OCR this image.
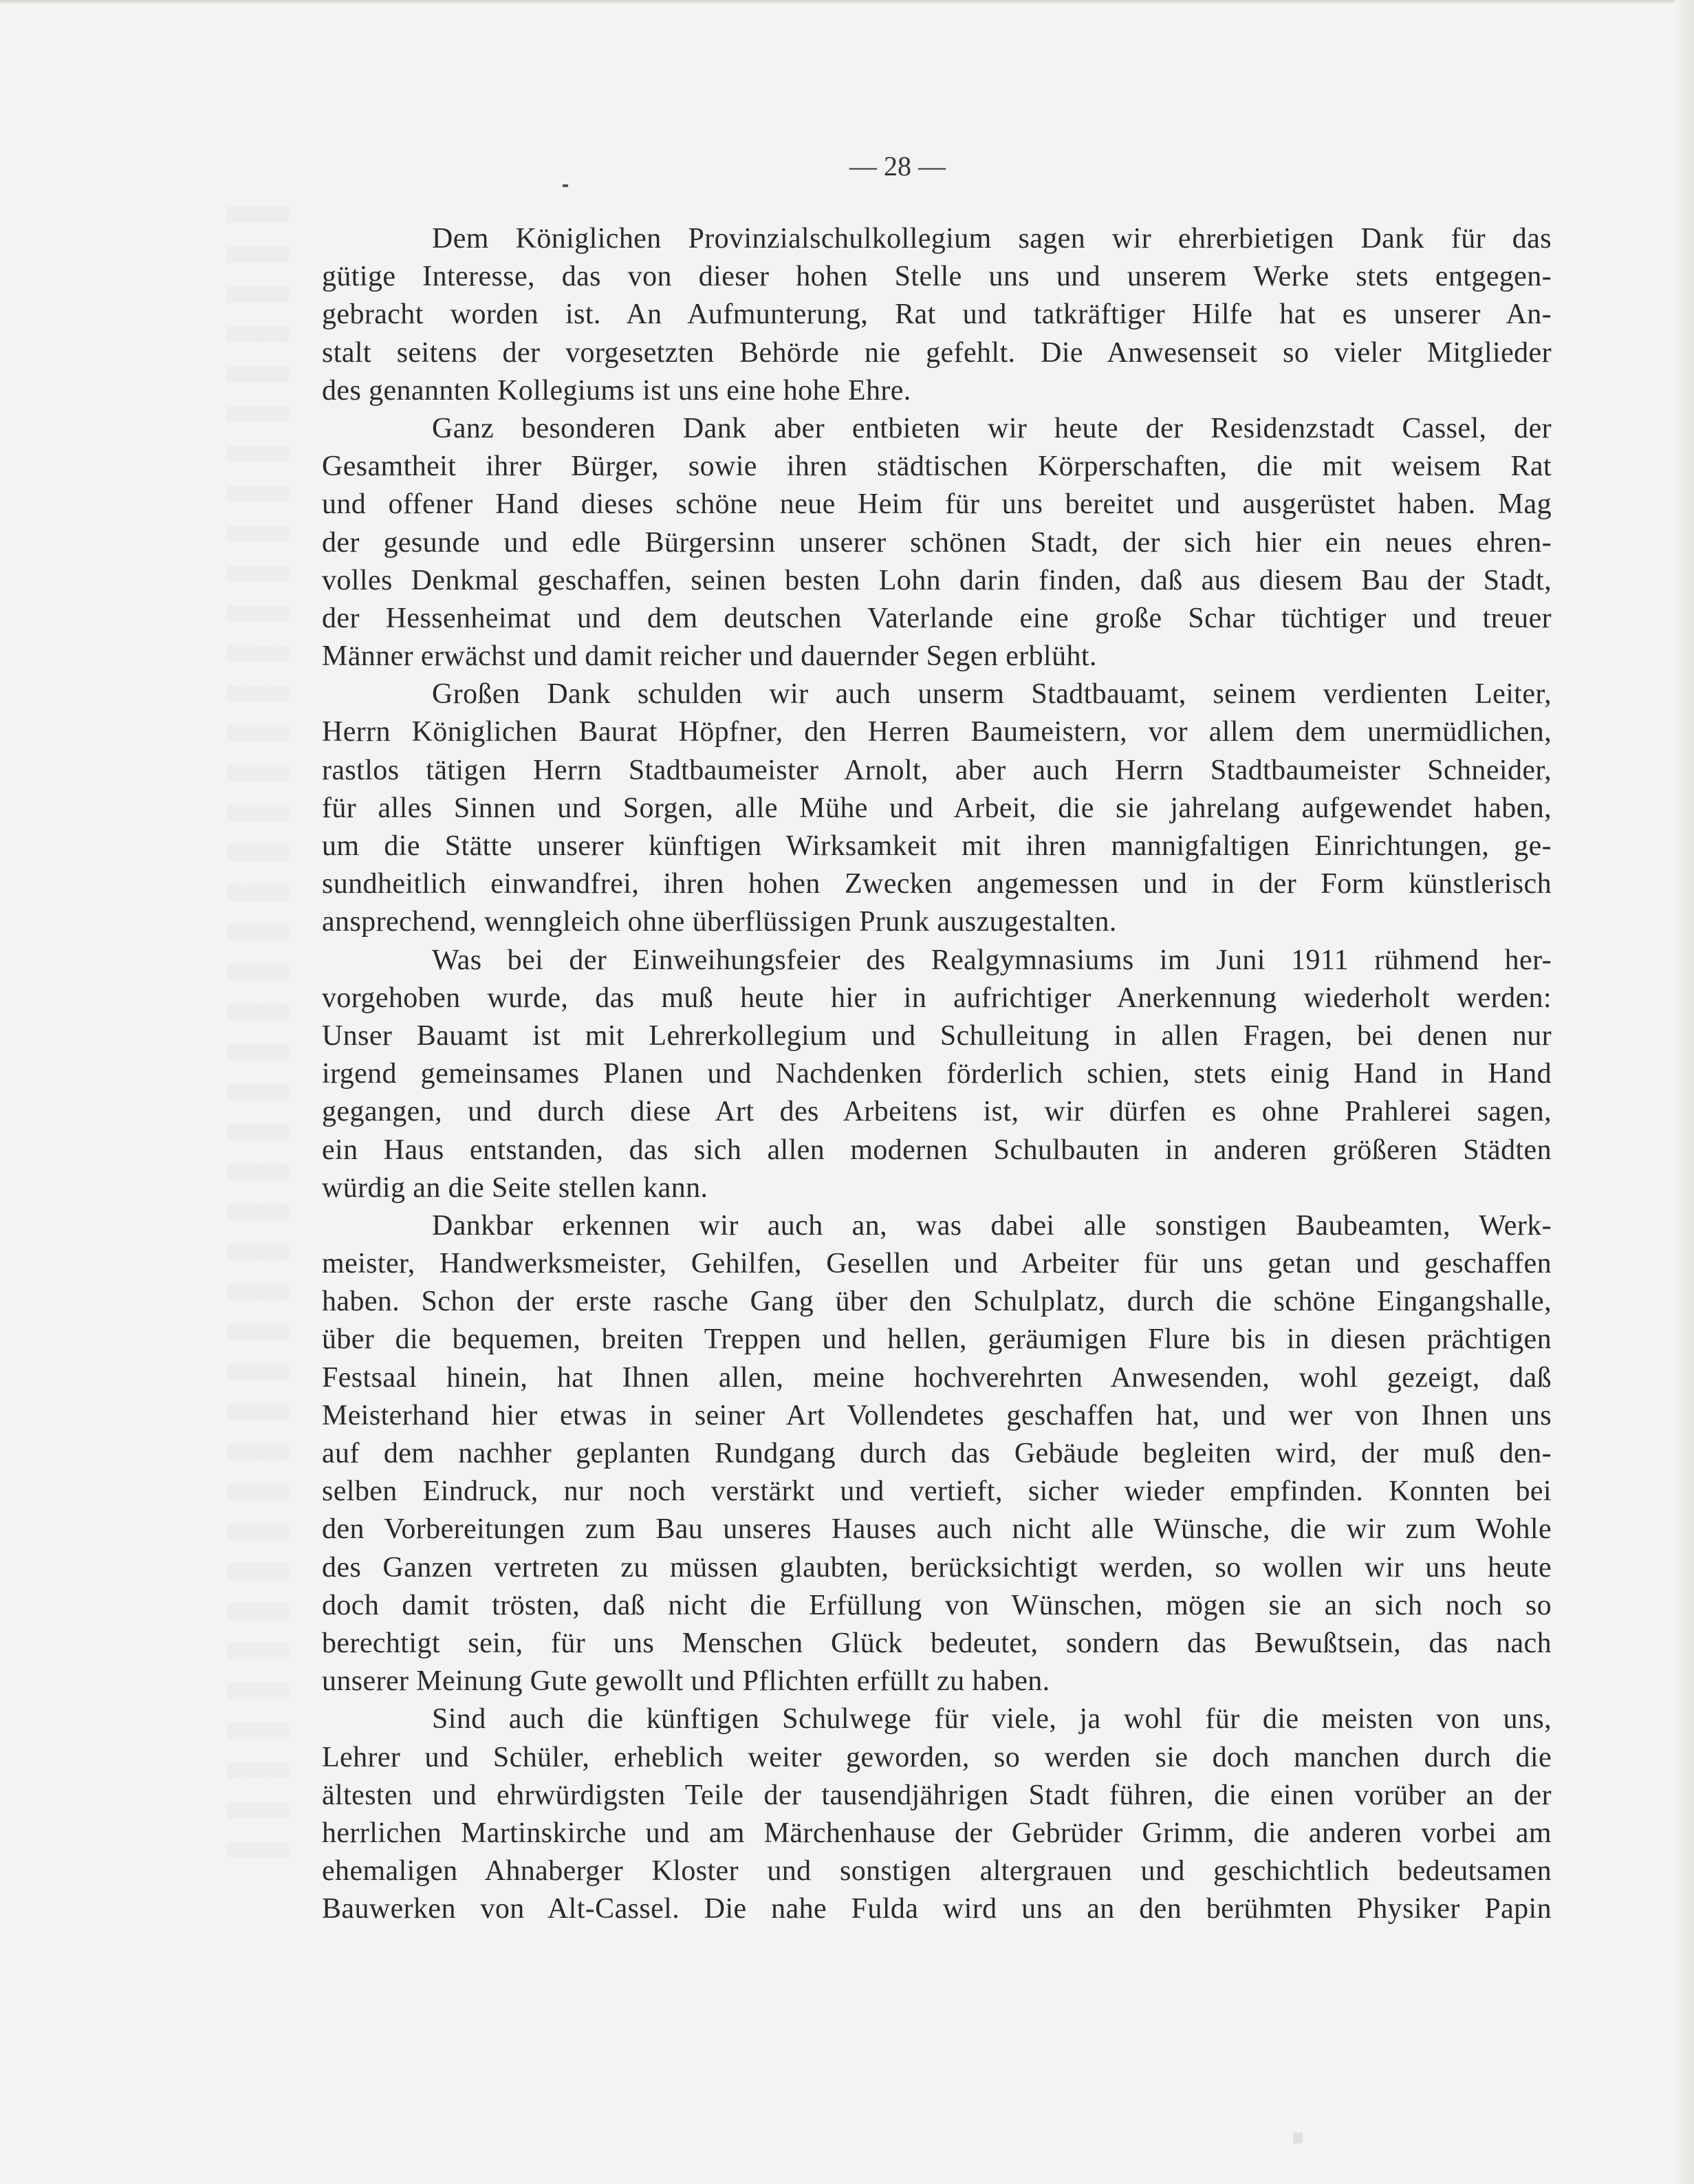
— 28 —
Dem Königlichen Provinzialschulkollegium sagen wir ehrerbietigen Dank für das
gütige Interesse, das von dieser hohen Stelle uns und unserem Werke stets entgegen-
gebracht worden ist. An Aufmunterung, Rat und tatkräftiger Hilfe hat es unserer An-
stalt seitens der vorgesetzten Behörde nie gefehlt. Die Anwesenseit so vieler Mitglieder
des genannten Kollegiums ist uns eine hohe Ehre.
Ganz besonderen Dank aber entbieten wir heute der Residenzstadt Cassel, der
Gesamtheit ihrer Bürger, sowie ihren städtischen Körperschaften, die mit weisem Rat
und offener Hand dieses schöne neue Heim für uns bereitet und ausgerüstet haben. Mag
der gesunde und edle Bürgersinn unserer schönen Stadt, der sich hier ein neues ehren-
volles Denkmal geschaffen, seinen besten Lohn darin finden, daß aus diesem Bau der Stadt,
der Hessenheimat und dem deutschen Vaterlande eine große Schar tüchtiger und treuer
Männer erwächst und damit reicher und dauernder Segen erblüht.
Großen Dank schulden wir auch unserm Stadtbauamt, seinem verdienten Leiter,
Herrn Königlichen Baurat Höpfner, den Herren Baumeistern, vor allem dem unermüdlichen,
rastlos tätigen Herrn Stadtbaumeister Arnolt, aber auch Herrn Stadtbaumeister Schneider,
für alles Sinnen und Sorgen, alle Mühe und Arbeit, die sie jahrelang aufgewendet haben,
um die Stätte unserer künftigen Wirksamkeit mit ihren mannigfaltigen Einrichtungen, ge-
sundheitlich einwandfrei, ihren hohen Zwecken angemessen und in der Form künstlerisch
ansprechend, wenngleich ohne überflüssigen Prunk auszugestalten.
Was bei der Einweihungsfeier des Realgymnasiums im Juni 1911 rühmend her-
vorgehoben wurde, das muß heute hier in aufrichtiger Anerkennung wiederholt werden:
Unser Bauamt ist mit Lehrerkollegium und Schulleitung in allen Fragen, bei denen nur
irgend gemeinsames Planen und Nachdenken förderlich schien, stets einig Hand in Hand
gegangen, und durch diese Art des Arbeitens ist, wir dürfen es ohne Prahlerei sagen,
ein Haus entstanden, das sich allen modernen Schulbauten in anderen größeren Städten
würdig an die Seite stellen kann.
Dankbar erkennen wir auch an, was dabei alle sonstigen Baubeamten, Werk-
meister, Handwerksmeister, Gehilfen, Gesellen und Arbeiter für uns getan und geschaffen
haben. Schon der erste rasche Gang über den Schulplatz, durch die schöne Eingangshalle,
über die bequemen, breiten Treppen und hellen, geräumigen Flure bis in diesen prächtigen
Festsaal hinein, hat Ihnen allen, meine hochverehrten Anwesenden, wohl gezeigt, daß
Meisterhand hier etwas in seiner Art Vollendetes geschaffen hat, und wer von Ihnen uns
auf dem nachher geplanten Rundgang durch das Gebäude begleiten wird, der muß den-
selben Eindruck, nur noch verstärkt und vertieft, sicher wieder empfinden. Konnten bei
den Vorbereitungen zum Bau unseres Hauses auch nicht alle Wünsche, die wir zum Wohle
des Ganzen vertreten zu müssen glaubten, berücksichtigt werden, so wollen wir uns heute
doch damit trösten, daß nicht die Erfüllung von Wünschen, mögen sie an sich noch so
berechtigt sein, für uns Menschen Glück bedeutet, sondern das Bewußtsein, das nach
unserer Meinung Gute gewollt und Pflichten erfüllt zu haben.
Sind auch die künftigen Schulwege für viele, ja wohl für die meisten von uns,
Lehrer und Schüler, erheblich weiter geworden, so werden sie doch manchen durch die
ältesten und ehrwürdigsten Teile der tausendjährigen Stadt führen, die einen vorüber an der
herrlichen Martinskirche und am Märchenhause der Gebrüder Grimm, die anderen vorbei am
ehemaligen Ahnaberger Kloster und sonstigen altergrauen und geschichtlich bedeutsamen
Bauwerken von Alt-Cassel. Die nahe Fulda wird uns an den berühmten Physiker Papin
